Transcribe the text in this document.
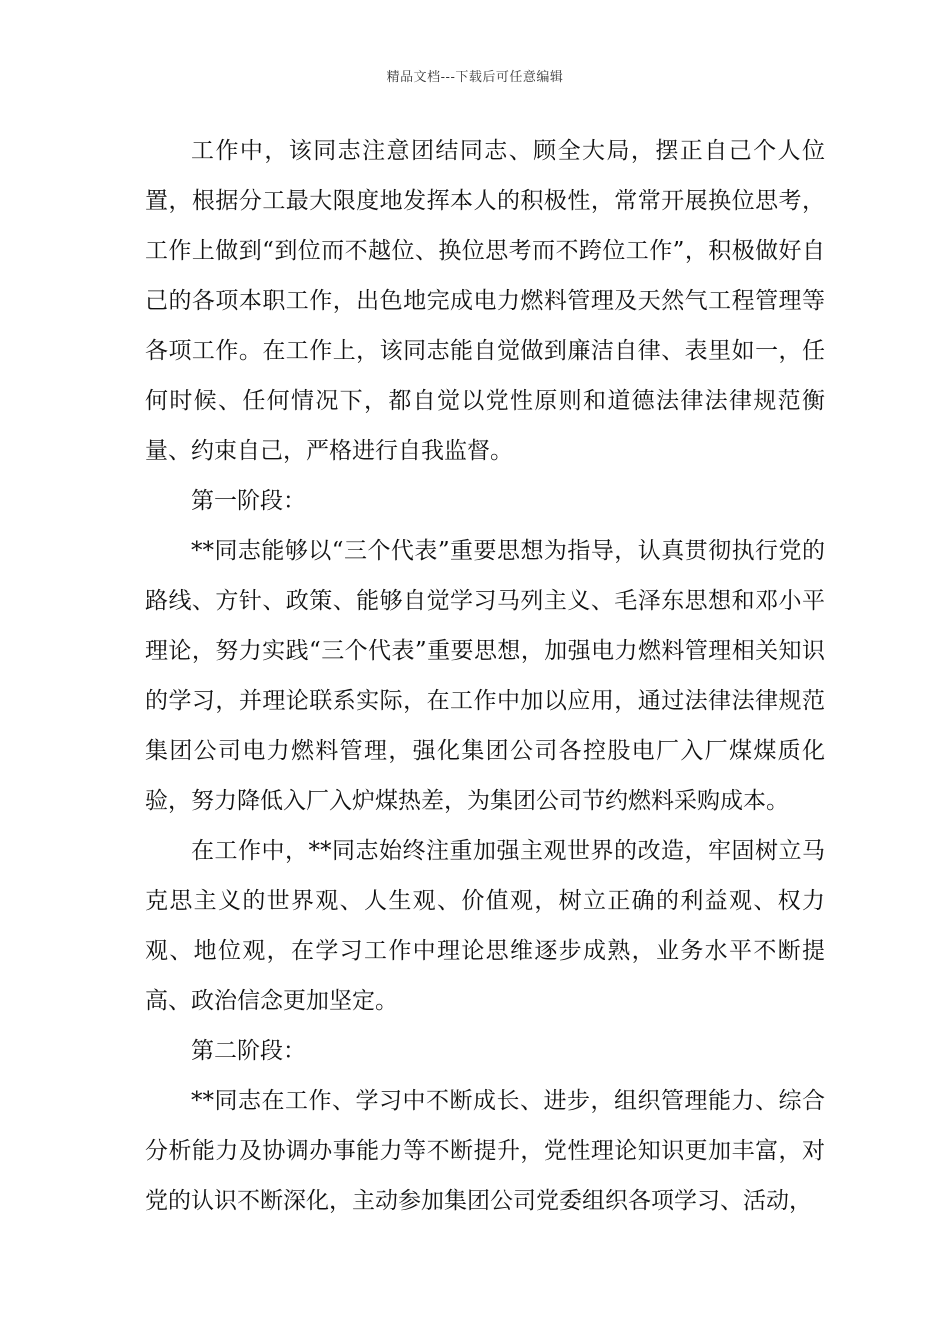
精品文档---下载后可任意编辑

工作中，该同志注意团结同志、顾全大局，摆正自己个人位置，根据分工最大限度地发挥本人的积极性，常常开展换位思考，工作上做到“到位而不越位、换位思考而不跨位工作”，积极做好自己的各项本职工作，出色地完成电力燃料管理及天然气工程管理等各项工作。在工作上，该同志能自觉做到廉洁自律、表里如一，任何时候、任何情况下，都自觉以党性原则和道德法律法律规范衡量、约束自己，严格进行自我监督。

第一阶段：

**同志能够以“三个代表”重要思想为指导，认真贯彻执行党的路线、方针、政策、能够自觉学习马列主义、毛泽东思想和邓小平理论，努力实践“三个代表”重要思想，加强电力燃料管理相关知识的学习，并理论联系实际，在工作中加以应用，通过法律法律规范集团公司电力燃料管理，强化集团公司各控股电厂入厂煤煤质化验，努力降低入厂入炉煤热差，为集团公司节约燃料采购成本。

在工作中，**同志始终注重加强主观世界的改造，牢固树立马克思主义的世界观、人生观、价值观，树立正确的利益观、权力观、地位观，在学习工作中理论思维逐步成熟，业务水平不断提高、政治信念更加坚定。

第二阶段：

**同志在工作、学习中不断成长、进步，组织管理能力、综合分析能力及协调办事能力等不断提升，党性理论知识更加丰富，对党的认识不断深化，主动参加集团公司党委组织各项学习、活动，
